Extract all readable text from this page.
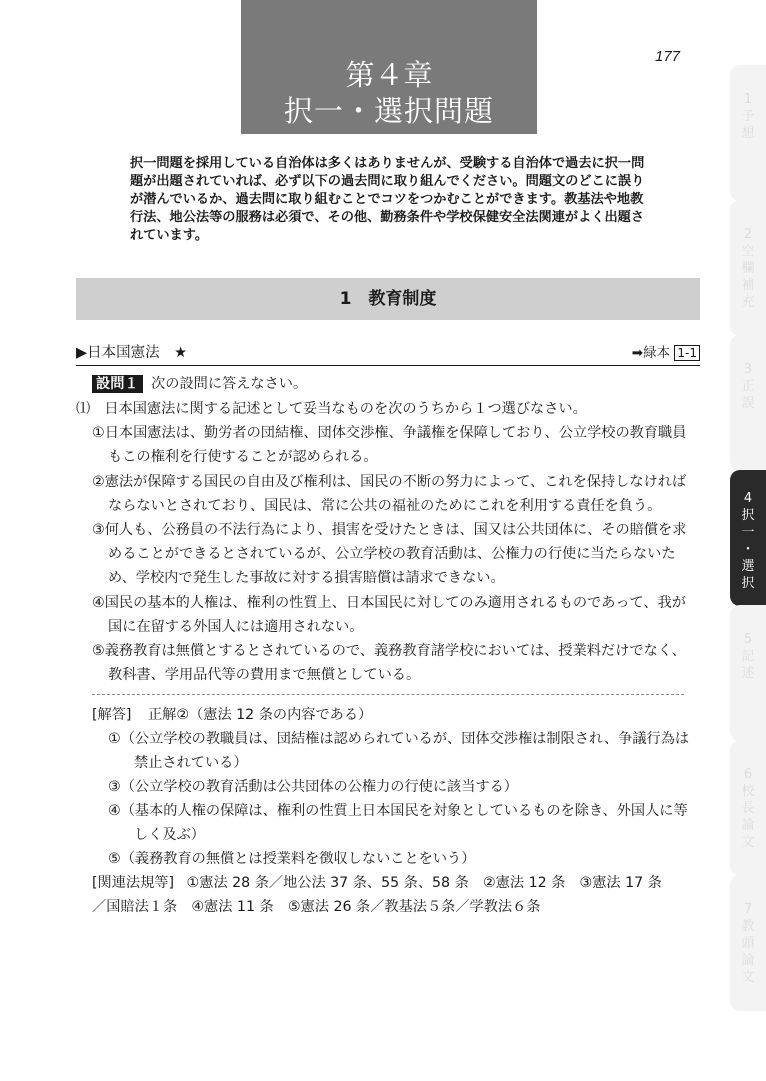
第４章
択一・選択問題
177
択一問題を採用している自治体は多くはありませんが、受験する自治体で過去に択一問題が出題されていれば、必ず以下の過去問に取り組んでください。問題文のどこに誤りが潜んでいるか、過去問に取り組むことでコツをつかむことができます。教基法や地教行法、地公法等の服務は必須で、その他、勤務条件や学校保健安全法関連がよく出題されています。
1　教育制度
▶日本国憲法　★	➡緑本 1-1
設問１ 次の設問に答えなさい。
⑴　日本国憲法に関する記述として妥当なものを次のうちから１つ選びなさい。
①日本国憲法は、勤労者の団結権、団体交渉権、争議権を保障しており、公立学校の教育職員もこの権利を行使することが認められる。
②憲法が保障する国民の自由及び権利は、国民の不断の努力によって、これを保持しなければならないとされており、国民は、常に公共の福祉のためにこれを利用する責任を負う。
③何人も、公務員の不法行為により、損害を受けたときは、国又は公共団体に、その賠償を求めることができるとされているが、公立学校の教育活動は、公権力の行使に当たらないため、学校内で発生した事故に対する損害賠償は請求できない。
④国民の基本的人権は、権利の性質上、日本国民に対してのみ適用されるものであって、我が国に在留する外国人には適用されない。
⑤義務教育は無償とするとされているので、義務教育諸学校においては、授業料だけでなく、教科書、学用品代等の費用まで無償としている。
[解答] 正解②（憲法 12 条の内容である）
①（公立学校の教職員は、団結権は認められているが、団体交渉権は制限され、争議行為は禁止されている）
③（公立学校の教育活動は公共団体の公権力の行使に該当する）
④（基本的人権の保障は、権利の性質上日本国民を対象としているものを除き、外国人に等しく及ぶ）
⑤（義務教育の無償とは授業料を徴収しないことをいう）
[関連法規等] ①憲法 28 条／地公法 37 条、55 条、58 条　②憲法 12 条　③憲法 17 条
／国賠法１条　④憲法 11 条　⑤憲法 26 条／教基法５条／学教法６条
1
予
想
2
空
欄
補
充
3
正
誤
4
択
一
・
選
択
5
記
述
6
校
長
論
文
7
教
頭
論
文
